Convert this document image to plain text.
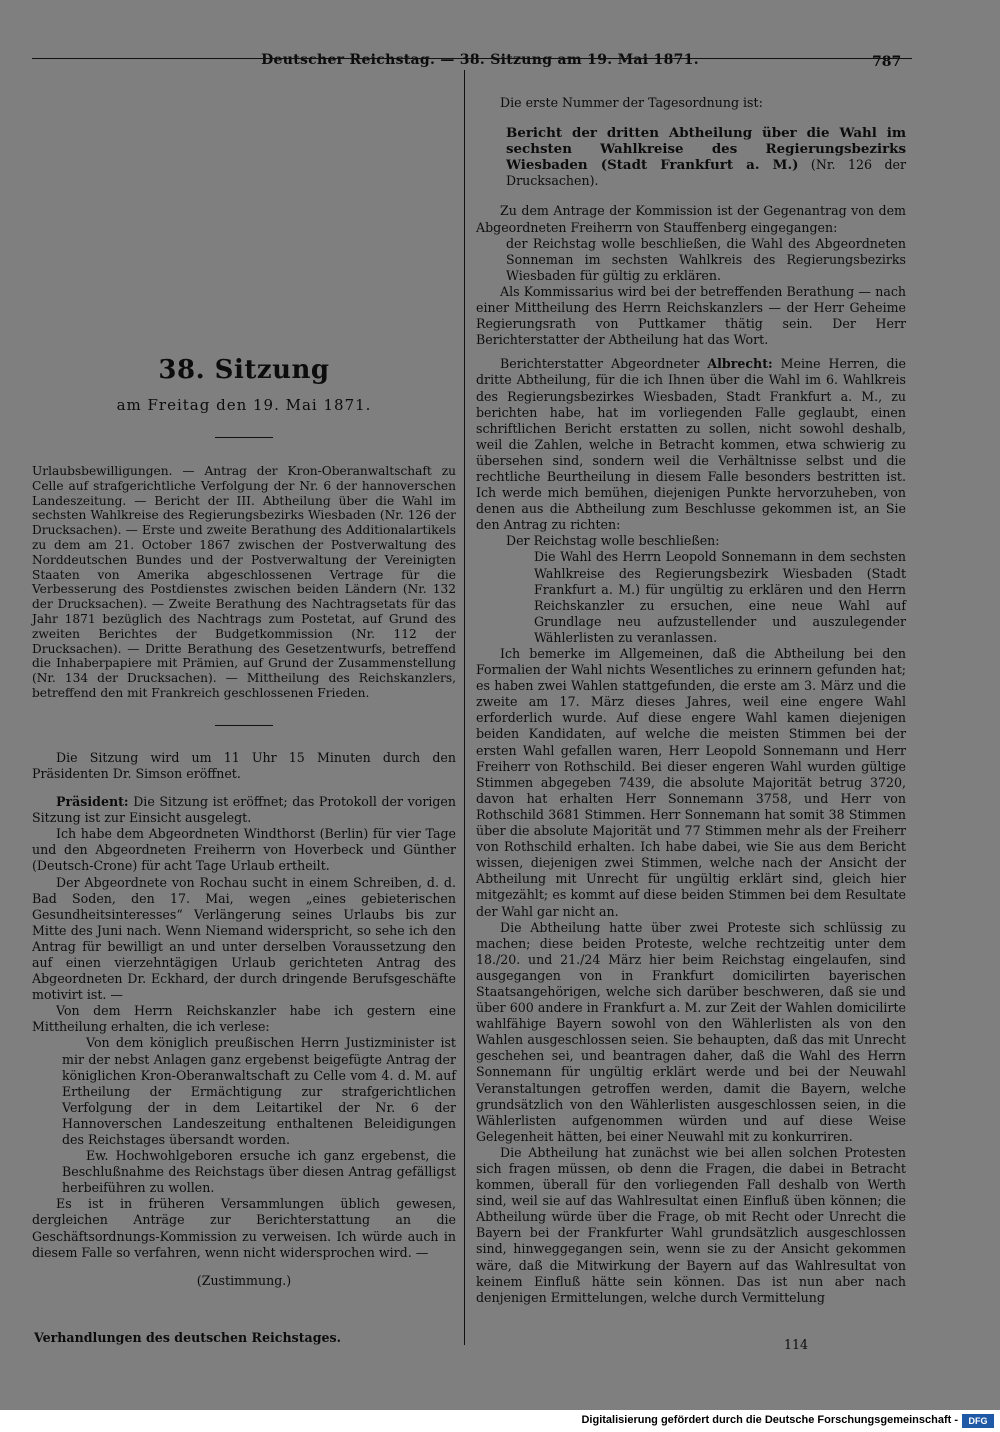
Deutscher Reichstag. — 38. Sitzung am 19. Mai 1871.	787
38. Sitzung
am Freitag den 19. Mai 1871.

Urlaubsbewilligungen. — Antrag der Kron-Oberanwaltschaft zu Celle auf strafgerichtliche Verfolgung der Nr. 6 der hannoverschen Landeszeitung. — Bericht der III. Abtheilung über die Wahl im sechsten Wahlkreise des Regierungsbezirks Wiesbaden (Nr. 126 der Drucksachen). — Erste und zweite Berathung des Additionalartikels zu dem am 21. October 1867 zwischen der Postverwaltung des Norddeutschen Bundes und der Postverwaltung der Vereinigten Staaten von Amerika abgeschlossenen Vertrage für die Verbesserung des Postdienstes zwischen beiden Ländern (Nr. 132 der Drucksachen). — Zweite Berathung des Nachtragsetats für das Jahr 1871 bezüglich des Nachtrags zum Postetat, auf Grund des zweiten Berichtes der Budgetkommission (Nr. 112 der Drucksachen). — Dritte Berathung des Gesetzentwurfs, betreffend die Inhaberpapiere mit Prämien, auf Grund der Zusammenstellung (Nr. 134 der Drucksachen). — Mittheilung des Reichskanzlers, betreffend den mit Frankreich geschlossenen Frieden.

Die Sitzung wird um 11 Uhr 15 Minuten durch den Präsidenten Dr. Simson eröffnet.

Präsident: Die Sitzung ist eröffnet; das Protokoll der vorigen Sitzung ist zur Einsicht ausgelegt.

Ich habe dem Abgeordneten Windthorst (Berlin) für vier Tage und den Abgeordneten Freiherrn von Hoverbeck und Günther (Deutsch-Crone) für acht Tage Urlaub ertheilt.

Der Abgeordnete von Rochau sucht in einem Schreiben, d. d. Bad Soden, den 17. Mai, wegen „eines gebieterischen Gesundheitsinteresses“ Verlängerung seines Urlaubs bis zur Mitte des Juni nach. Wenn Niemand widerspricht, so sehe ich den Antrag für bewilligt an und unter derselben Voraussetzung den auf einen vierzehntägigen Urlaub gerichteten Antrag des Abgeordneten Dr. Eckhard, der durch dringende Berufsgeschäfte motivirt ist. —

Von dem Herrn Reichskanzler habe ich gestern eine Mittheilung erhalten, die ich verlese:

Von dem königlich preußischen Herrn Justizminister ist mir der nebst Anlagen ganz ergebenst beigefügte Antrag der königlichen Kron-Oberanwaltschaft zu Celle vom 4. d. M. auf Ertheilung der Ermächtigung zur strafgerichtlichen Verfolgung der in dem Leitartikel der Nr. 6 der Hannoverschen Landeszeitung enthaltenen Beleidigungen des Reichstages übersandt worden.

Ew. Hochwohlgeboren ersuche ich ganz ergebenst, die Beschlußnahme des Reichstags über diesen Antrag gefälligst herbeiführen zu wollen.

Es ist in früheren Versammlungen üblich gewesen, dergleichen Anträge zur Berichterstattung an die Geschäftsordnungs-Kommission zu verweisen. Ich würde auch in diesem Falle so verfahren, wenn nicht widersprochen wird. —

(Zustimmung.)

Verhandlungen des deutschen Reichstages.	114

Die erste Nummer der Tagesordnung ist:

Bericht der dritten Abtheilung über die Wahl im sechsten Wahlkreise des Regierungsbezirks Wiesbaden (Stadt Frankfurt a. M.) (Nr. 126 der Drucksachen).

Zu dem Antrage der Kommission ist der Gegenantrag von dem Abgeordneten Freiherrn von Stauffenberg eingegangen:

der Reichstag wolle beschließen, die Wahl des Abgeordneten Sonneman im sechsten Wahlkreis des Regierungsbezirks Wiesbaden für gültig zu erklären.

Als Kommissarius wird bei der betreffenden Berathung — nach einer Mittheilung des Herrn Reichskanzlers — der Herr Geheime Regierungsrath von Puttkamer thätig sein. Der Herr Berichterstatter der Abtheilung hat das Wort.

Berichterstatter Abgeordneter Albrecht: Meine Herren, die dritte Abtheilung, für die ich Ihnen über die Wahl im 6. Wahlkreis des Regierungsbezirkes Wiesbaden, Stadt Frankfurt a. M., zu berichten habe, hat im vorliegenden Falle geglaubt, einen schriftlichen Bericht erstatten zu sollen, nicht sowohl deshalb, weil die Zahlen, welche in Betracht kommen, etwa schwierig zu übersehen sind, sondern weil die Verhältnisse selbst und die rechtliche Beurtheilung in diesem Falle besonders bestritten ist. Ich werde mich bemühen, diejenigen Punkte hervorzuheben, von denen aus die Abtheilung zum Beschlusse gekommen ist, an Sie den Antrag zu richten:

Der Reichstag wolle beschließen:

Die Wahl des Herrn Leopold Sonnemann in dem sechsten Wahlkreise des Regierungsbezirk Wiesbaden (Stadt Frankfurt a. M.) für ungültig zu erklären und den Herrn Reichskanzler zu ersuchen, eine neue Wahl auf Grundlage neu aufzustellender und auszulegender Wählerlisten zu veranlassen.

Ich bemerke im Allgemeinen, daß die Abtheilung bei den Formalien der Wahl nichts Wesentliches zu erinnern gefunden hat; es haben zwei Wahlen stattgefunden, die erste am 3. März und die zweite am 17. März dieses Jahres, weil eine engere Wahl erforderlich wurde. Auf diese engere Wahl kamen diejenigen beiden Kandidaten, auf welche die meisten Stimmen bei der ersten Wahl gefallen waren, Herr Leopold Sonnemann und Herr Freiherr von Rothschild. Bei dieser engeren Wahl wurden gültige Stimmen abgegeben 7439, die absolute Majorität betrug 3720, davon hat erhalten Herr Sonnemann 3758, und Herr von Rothschild 3681 Stimmen. Herr Sonnemann hat somit 38 Stimmen über die absolute Majorität und 77 Stimmen mehr als der Freiherr von Rothschild erhalten. Ich habe dabei, wie Sie aus dem Bericht wissen, diejenigen zwei Stimmen, welche nach der Ansicht der Abtheilung mit Unrecht für ungültig erklärt sind, gleich hier mitgezählt; es kommt auf diese beiden Stimmen bei dem Resultate der Wahl gar nicht an.

Die Abtheilung hatte über zwei Proteste sich schlüssig zu machen; diese beiden Proteste, welche rechtzeitig unter dem 18./20. und 21./24 März hier beim Reichstag eingelaufen, sind ausgegangen von in Frankfurt domicilirten bayerischen Staatsangehörigen, welche sich darüber beschweren, daß sie und über 600 andere in Frankfurt a. M. zur Zeit der Wahlen domicilirte wahlfähige Bayern sowohl von den Wählerlisten als von den Wahlen ausgeschlossen seien. Sie behaupten, daß das mit Unrecht geschehen sei, und beantragen daher, daß die Wahl des Herrn Sonnemann für ungültig erklärt werde und bei der Neuwahl Veranstaltungen getroffen werden, damit die Bayern, welche grundsätzlich von den Wählerlisten ausgeschlossen seien, in die Wählerlisten aufgenommen würden und auf diese Weise Gelegenheit hätten, bei einer Neuwahl mit zu konkurriren.

Die Abtheilung hat zunächst wie bei allen solchen Protesten sich fragen müssen, ob denn die Fragen, die dabei in Betracht kommen, überall für den vorliegenden Fall deshalb von Werth sind, weil sie auf das Wahlresultat einen Einfluß üben können; die Abtheilung würde über die Frage, ob mit Recht oder Unrecht die Bayern bei der Frankfurter Wahl grundsätzlich ausgeschlossen sind, hinweggegangen sein, wenn sie zu der Ansicht gekommen wäre, daß die Mitwirkung der Bayern auf das Wahlresultat von keinem Einfluß hätte sein können. Das ist nun aber nach denjenigen Ermittelungen, welche durch Vermittelung

Digitalisierung gefördert durch die Deutsche Forschungsgemeinschaft -	DFG
